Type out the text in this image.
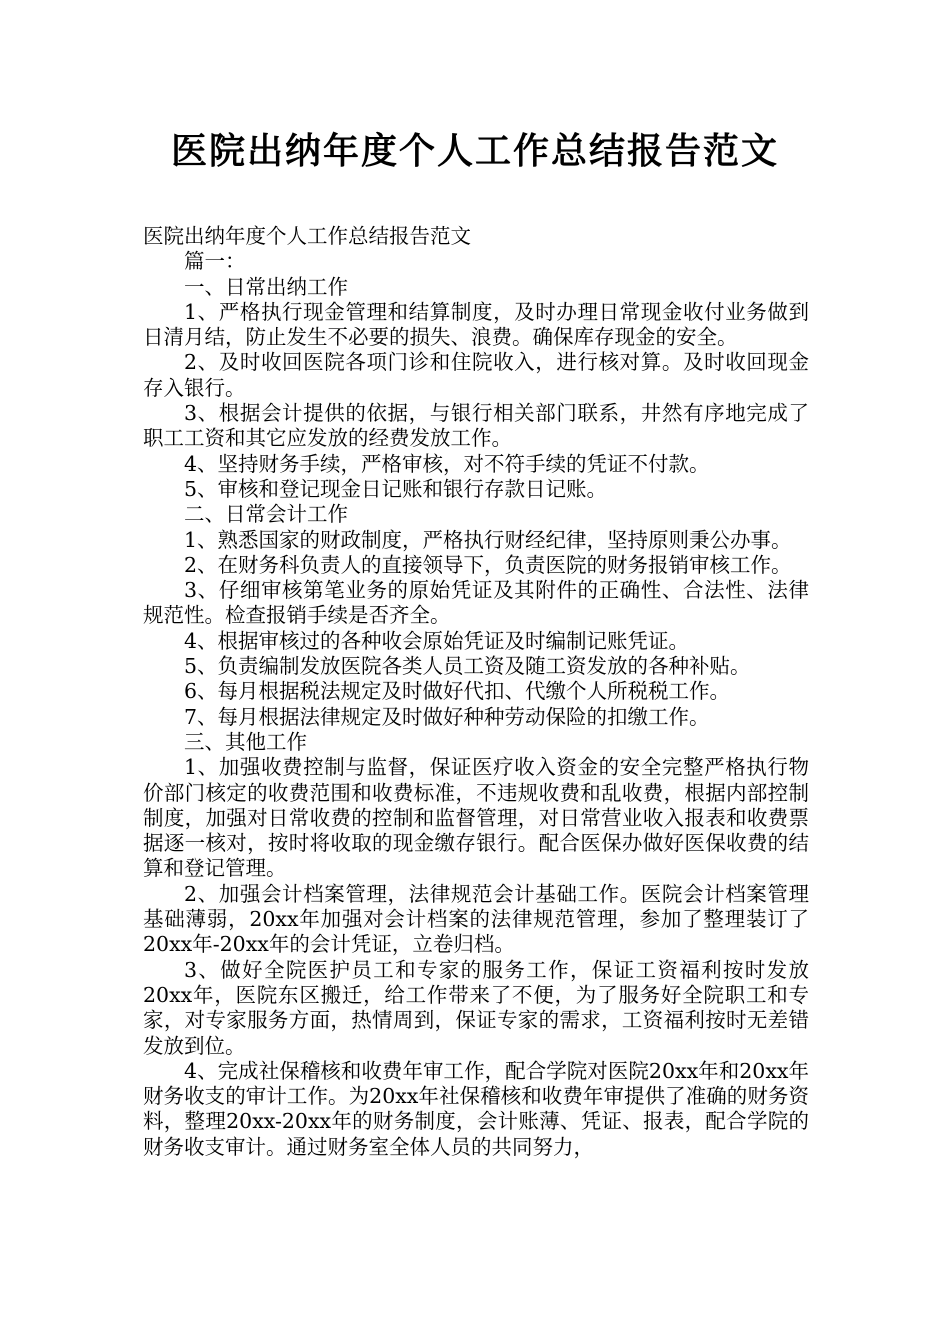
医院出纳年度个人工作总结报告范文

医院出纳年度个人工作总结报告范文

篇一：

一、日常出纳工作

1、严格执行现金管理和结算制度，及时办理日常现金收付业务做到日清月结，防止发生不必要的损失、浪费。确保库存现金的安全。

2、及时收回医院各项门诊和住院收入，进行核对算。及时收回现金存入银行。

3、根据会计提供的依据，与银行相关部门联系，井然有序地完成了职工工资和其它应发放的经费发放工作。

4、坚持财务手续，严格审核，对不符手续的凭证不付款。

5、审核和登记现金日记账和银行存款日记账。

二、日常会计工作

1、熟悉国家的财政制度，严格执行财经纪律，坚持原则秉公办事。

2、在财务科负责人的直接领导下，负责医院的财务报销审核工作。

3、仔细审核第笔业务的原始凭证及其附件的正确性、合法性、法律规范性。检查报销手续是否齐全。

4、根据审核过的各种收会原始凭证及时编制记账凭证。

5、负责编制发放医院各类人员工资及随工资发放的各种补贴。

6、每月根据税法规定及时做好代扣、代缴个人所税税工作。

7、每月根据法律规定及时做好种种劳动保险的扣缴工作。

三、其他工作

1、加强收费控制与监督，保证医疗收入资金的安全完整严格执行物价部门核定的收费范围和收费标准，不违规收费和乱收费，根据内部控制制度，加强对日常收费的控制和监督管理，对日常营业收入报表和收费票据逐一核对，按时将收取的现金缴存银行。配合医保办做好医保收费的结算和登记管理。

2、加强会计档案管理，法律规范会计基础工作。医院会计档案管理基础薄弱，20xx年加强对会计档案的法律规范管理，参加了整理装订了20xx年-20xx年的会计凭证，立卷归档。

3、做好全院医护员工和专家的服务工作，保证工资福利按时发放20xx年，医院东区搬迁，给工作带来了不便，为了服务好全院职工和专家，对专家服务方面，热情周到，保证专家的需求，工资福利按时无差错发放到位。

4、完成社保稽核和收费年审工作，配合学院对医院20xx年和20xx年财务收支的审计工作。为20xx年社保稽核和收费年审提供了准确的财务资料，整理20xx-20xx年的财务制度，会计账薄、凭证、报表，配合学院的财务收支审计。通过财务室全体人员的共同努力，
